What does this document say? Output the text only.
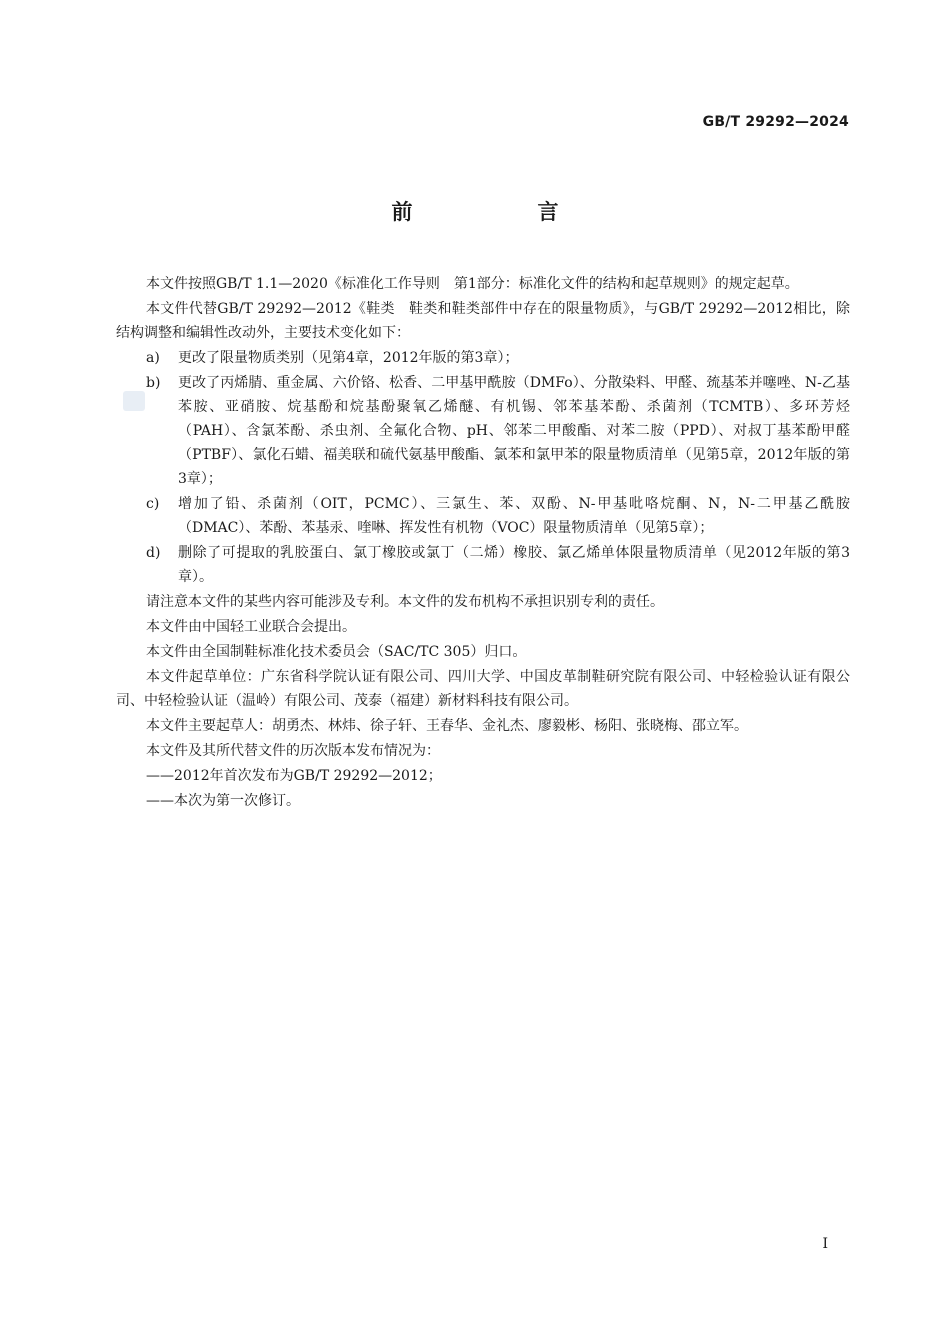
GB/T 29292—2024
前　言

本文件按照GB/T 1.1—2020《标准化工作导则　第1部分：标准化文件的结构和起草规则》的规定起草。

本文件代替GB/T 29292—2012《鞋类　鞋类和鞋类部件中存在的限量物质》，与GB/T 29292—2012相比，除结构调整和编辑性改动外，主要技术变化如下：

a) 更改了限量物质类别（见第4章，2012年版的第3章）；
b) 更改了丙烯腈、重金属、六价铬、松香、二甲基甲酰胺（DMFo）、分散染料、甲醛、巯基苯并噻唑、N-乙基苯胺、亚硝胺、烷基酚和烷基酚聚氧乙烯醚、有机锡、邻苯基苯酚、杀菌剂（TCMTB）、多环芳烃（PAH）、含氯苯酚、杀虫剂、全氟化合物、pH、邻苯二甲酸酯、对苯二胺（PPD）、对叔丁基苯酚甲醛（PTBF）、氯化石蜡、福美联和硫代氨基甲酸酯、氯苯和氯甲苯的限量物质清单（见第5章，2012年版的第3章）；
c) 增加了铅、杀菌剂（OIT，PCMC）、三氯生、苯、双酚、N-甲基吡咯烷酮、N，N-二甲基乙酰胺（DMAC）、苯酚、苯基汞、喹啉、挥发性有机物（VOC）限量物质清单（见第5章）；
d) 删除了可提取的乳胶蛋白、氯丁橡胶或氯丁（二烯）橡胶、氯乙烯单体限量物质清单（见2012年版的第3章）。

请注意本文件的某些内容可能涉及专利。本文件的发布机构不承担识别专利的责任。

本文件由中国轻工业联合会提出。

本文件由全国制鞋标准化技术委员会（SAC/TC 305）归口。

本文件起草单位：广东省科学院认证有限公司、四川大学、中国皮革制鞋研究院有限公司、中轻检验认证有限公司、中轻检验认证（温岭）有限公司、茂泰（福建）新材料科技有限公司。

本文件主要起草人：胡勇杰、林炜、徐子轩、王春华、金礼杰、廖毅彬、杨阳、张晓梅、邵立军。

本文件及其所代替文件的历次版本发布情况为：

——2012年首次发布为GB/T 29292—2012；

——本次为第一次修订。

I
